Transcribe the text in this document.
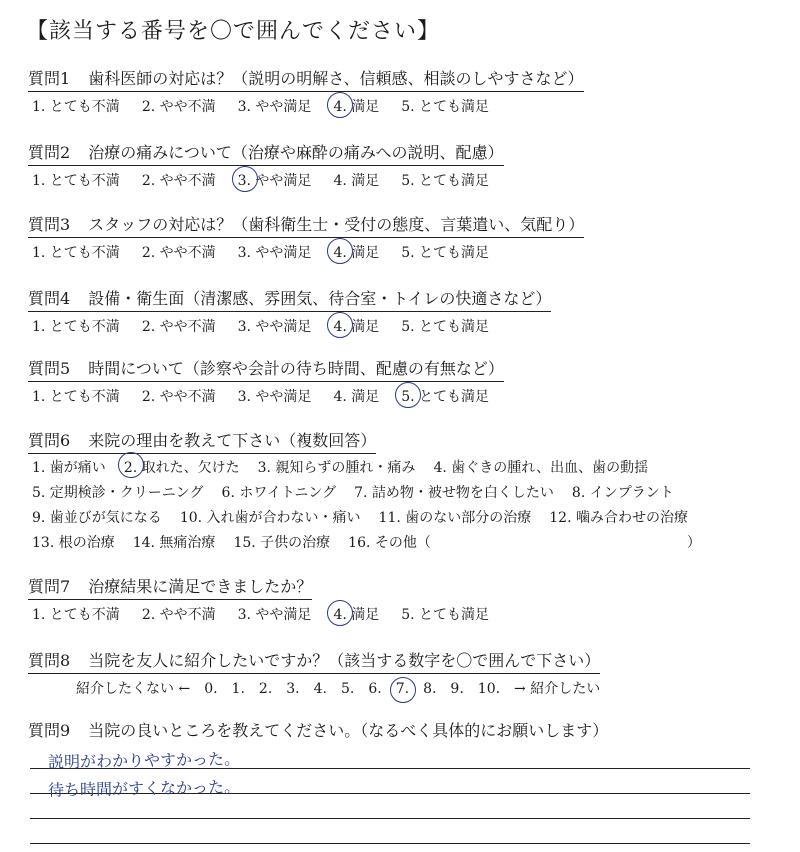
【該当する番号を〇で囲んでください】
質問1 歯科医師の対応は？（説明の明解さ、信頼感、相談のしやすさなど）
1. とても不満 2. やや不満 3. やや満足 4. 満足 5. とても満足
質問2 治療の痛みについて（治療や麻酔の痛みへの説明、配慮）
1. とても不満 2. やや不満 3. やや満足 4. 満足 5. とても満足
質問3 スタッフの対応は？（歯科衛生士・受付の態度、言葉遣い、気配り）
1. とても不満 2. やや不満 3. やや満足 4. 満足 5. とても満足
質問4 設備・衛生面（清潔感、雰囲気、待合室・トイレの快適さなど）
1. とても不満 2. やや不満 3. やや満足 4. 満足 5. とても満足
質問5 時間について（診察や会計の待ち時間、配慮の有無など）
1. とても不満 2. やや不満 3. やや満足 4. 満足 5. とても満足
質問6 来院の理由を教えて下さい（複数回答）
1. 歯が痛い 2. 取れた、欠けた 3. 親知らずの腫れ・痛み 4. 歯ぐきの腫れ、出血、歯の動揺
5. 定期検診・クリーニング 6. ホワイトニング 7. 詰め物・被せ物を白くしたい 8. インプラント
9. 歯並びが気になる 10. 入れ歯が合わない・痛い 11. 歯のない部分の治療 12. 噛み合わせの治療
13. 根の治療 14. 無痛治療 15. 子供の治療 16. その他（	）
質問7 治療結果に満足できましたか？
1. とても不満 2. やや不満 3. やや満足 4. 満足 5. とても満足
質問8 当院を友人に紹介したいですか？（該当する数字を〇で囲んで下さい）
紹介したくない ← 0. 1. 2. 3. 4. 5. 6. 7. 8. 9. 10. → 紹介したい
質問9 当院の良いところを教えてください。（なるべく具体的にお願いします）
説明がわかりやすかった。
待ち時間がすくなかった。
